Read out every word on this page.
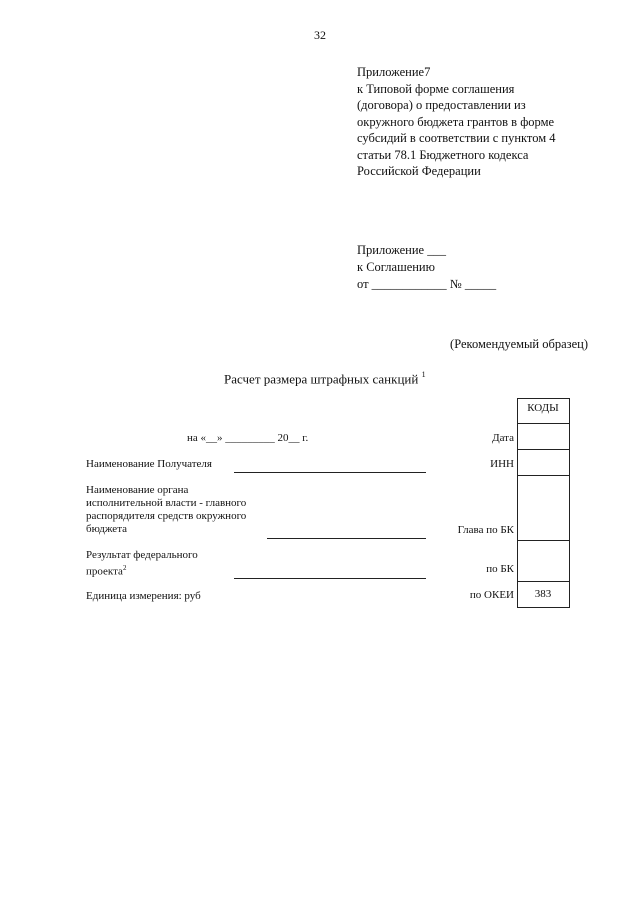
32
Приложение7
к Типовой форме соглашения
(договора) о предоставлении из
окружного бюджета грантов в форме
субсидий в соответствии с пунктом 4
статьи 78.1 Бюджетного кодекса
Российской Федерации
Приложение ___
к Соглашению
от ____________ № _____
(Рекомендуемый образец)
Расчет размера штрафных санкций $^1$
КОДЫ
на «__» _________ 20__ г.	Дата
Наименование Получателя	ИНН
Наименование органа
исполнительной власти - главного
распорядителя средств окружного
бюджета	Глава по БК
Результат федерального
проекта$^2$	по БК
Единица измерения: руб	по ОКЕИ	383
